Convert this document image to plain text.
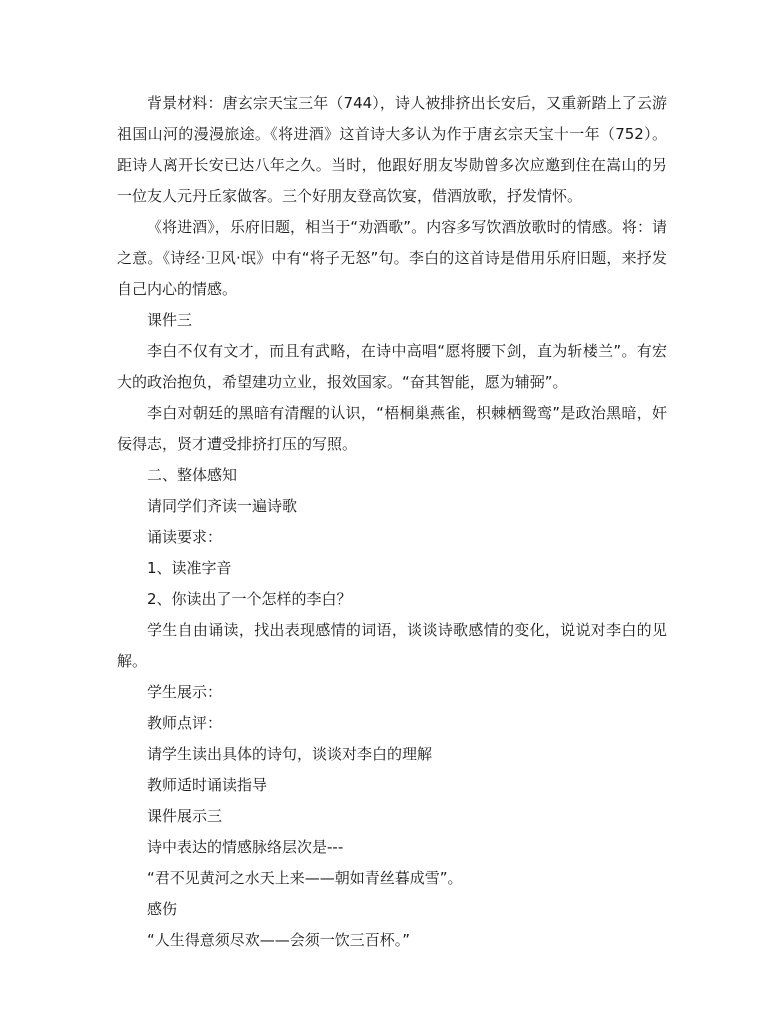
背景材料：唐玄宗天宝三年（744），诗人被排挤出长安后，又重新踏上了云游祖国山河的漫漫旅途。《将进酒》这首诗大多认为作于唐玄宗天宝十一年（752）。距诗人离开长安已达八年之久。当时，他跟好朋友岑勋曾多次应邀到住在嵩山的另一位友人元丹丘家做客。三个好朋友登高饮宴，借酒放歌，抒发情怀。

《将进酒》，乐府旧题，相当于“劝酒歌”。内容多写饮酒放歌时的情感。将：请之意。《诗经·卫风·氓》中有“将子无怒”句。李白的这首诗是借用乐府旧题，来抒发自己内心的情感。

课件三

李白不仅有文才，而且有武略，在诗中高唱“愿将腰下剑，直为斩楼兰”。有宏大的政治抱负，希望建功立业，报效国家。“奋其智能，愿为辅弼”。

李白对朝廷的黑暗有清醒的认识，“梧桐巢燕雀，枳棘栖鸳鸾”是政治黑暗，奸佞得志，贤才遭受排挤打压的写照。

二、整体感知

请同学们齐读一遍诗歌

诵读要求：

1、读准字音

2、你读出了一个怎样的李白？

学生自由诵读，找出表现感情的词语，谈谈诗歌感情的变化，说说对李白的见解。

学生展示：

教师点评：

请学生读出具体的诗句，谈谈对李白的理解

教师适时诵读指导

课件展示三

诗中表达的情感脉络层次是---

“君不见黄河之水天上来——朝如青丝暮成雪”。

感伤

“人生得意须尽欢——会须一饮三百杯。”
